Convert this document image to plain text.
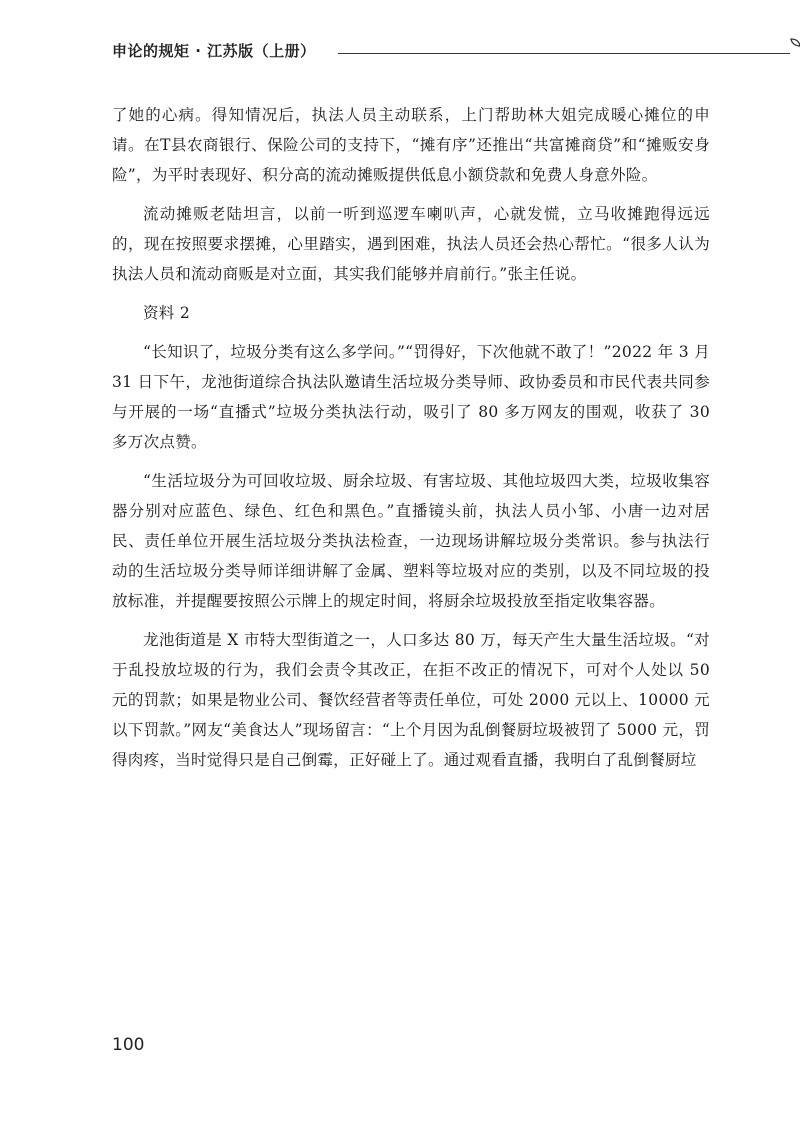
申论的规矩 · 江苏版（上册）

了她的心病。得知情况后，执法人员主动联系，上门帮助林大姐完成暖心摊位的申请。在T县农商银行、保险公司的支持下，“摊有序”还推出“共富摊商贷”和“摊贩安身险”，为平时表现好、积分高的流动摊贩提供低息小额贷款和免费人身意外险。

流动摊贩老陆坦言，以前一听到巡逻车喇叭声，心就发慌，立马收摊跑得远远的，现在按照要求摆摊，心里踏实，遇到困难，执法人员还会热心帮忙。“很多人认为执法人员和流动商贩是对立面，其实我们能够并肩前行。”张主任说。

资料 2

“长知识了，垃圾分类有这么多学问。”“罚得好，下次他就不敢了！”2022 年 3 月 31 日下午，龙池街道综合执法队邀请生活垃圾分类导师、政协委员和市民代表共同参与开展的一场“直播式”垃圾分类执法行动，吸引了 80 多万网友的围观，收获了 30 多万次点赞。

“生活垃圾分为可回收垃圾、厨余垃圾、有害垃圾、其他垃圾四大类，垃圾收集容器分别对应蓝色、绿色、红色和黑色。”直播镜头前，执法人员小邹、小唐一边对居民、责任单位开展生活垃圾分类执法检查，一边现场讲解垃圾分类常识。参与执法行动的生活垃圾分类导师详细讲解了金属、塑料等垃圾对应的类别，以及不同垃圾的投放标准，并提醒要按照公示牌上的规定时间，将厨余垃圾投放至指定收集容器。

龙池街道是 X 市特大型街道之一，人口多达 80 万，每天产生大量生活垃圾。“对于乱投放垃圾的行为，我们会责令其改正，在拒不改正的情况下，可对个人处以 50 元的罚款；如果是物业公司、餐饮经营者等责任单位，可处 2000 元以上、10000 元以下罚款。”网友“美食达人”现场留言：“上个月因为乱倒餐厨垃圾被罚了 5000 元，罚得肉疼，当时觉得只是自己倒霉，正好碰上了。通过观看直播，我明白了乱倒餐厨垃

100
